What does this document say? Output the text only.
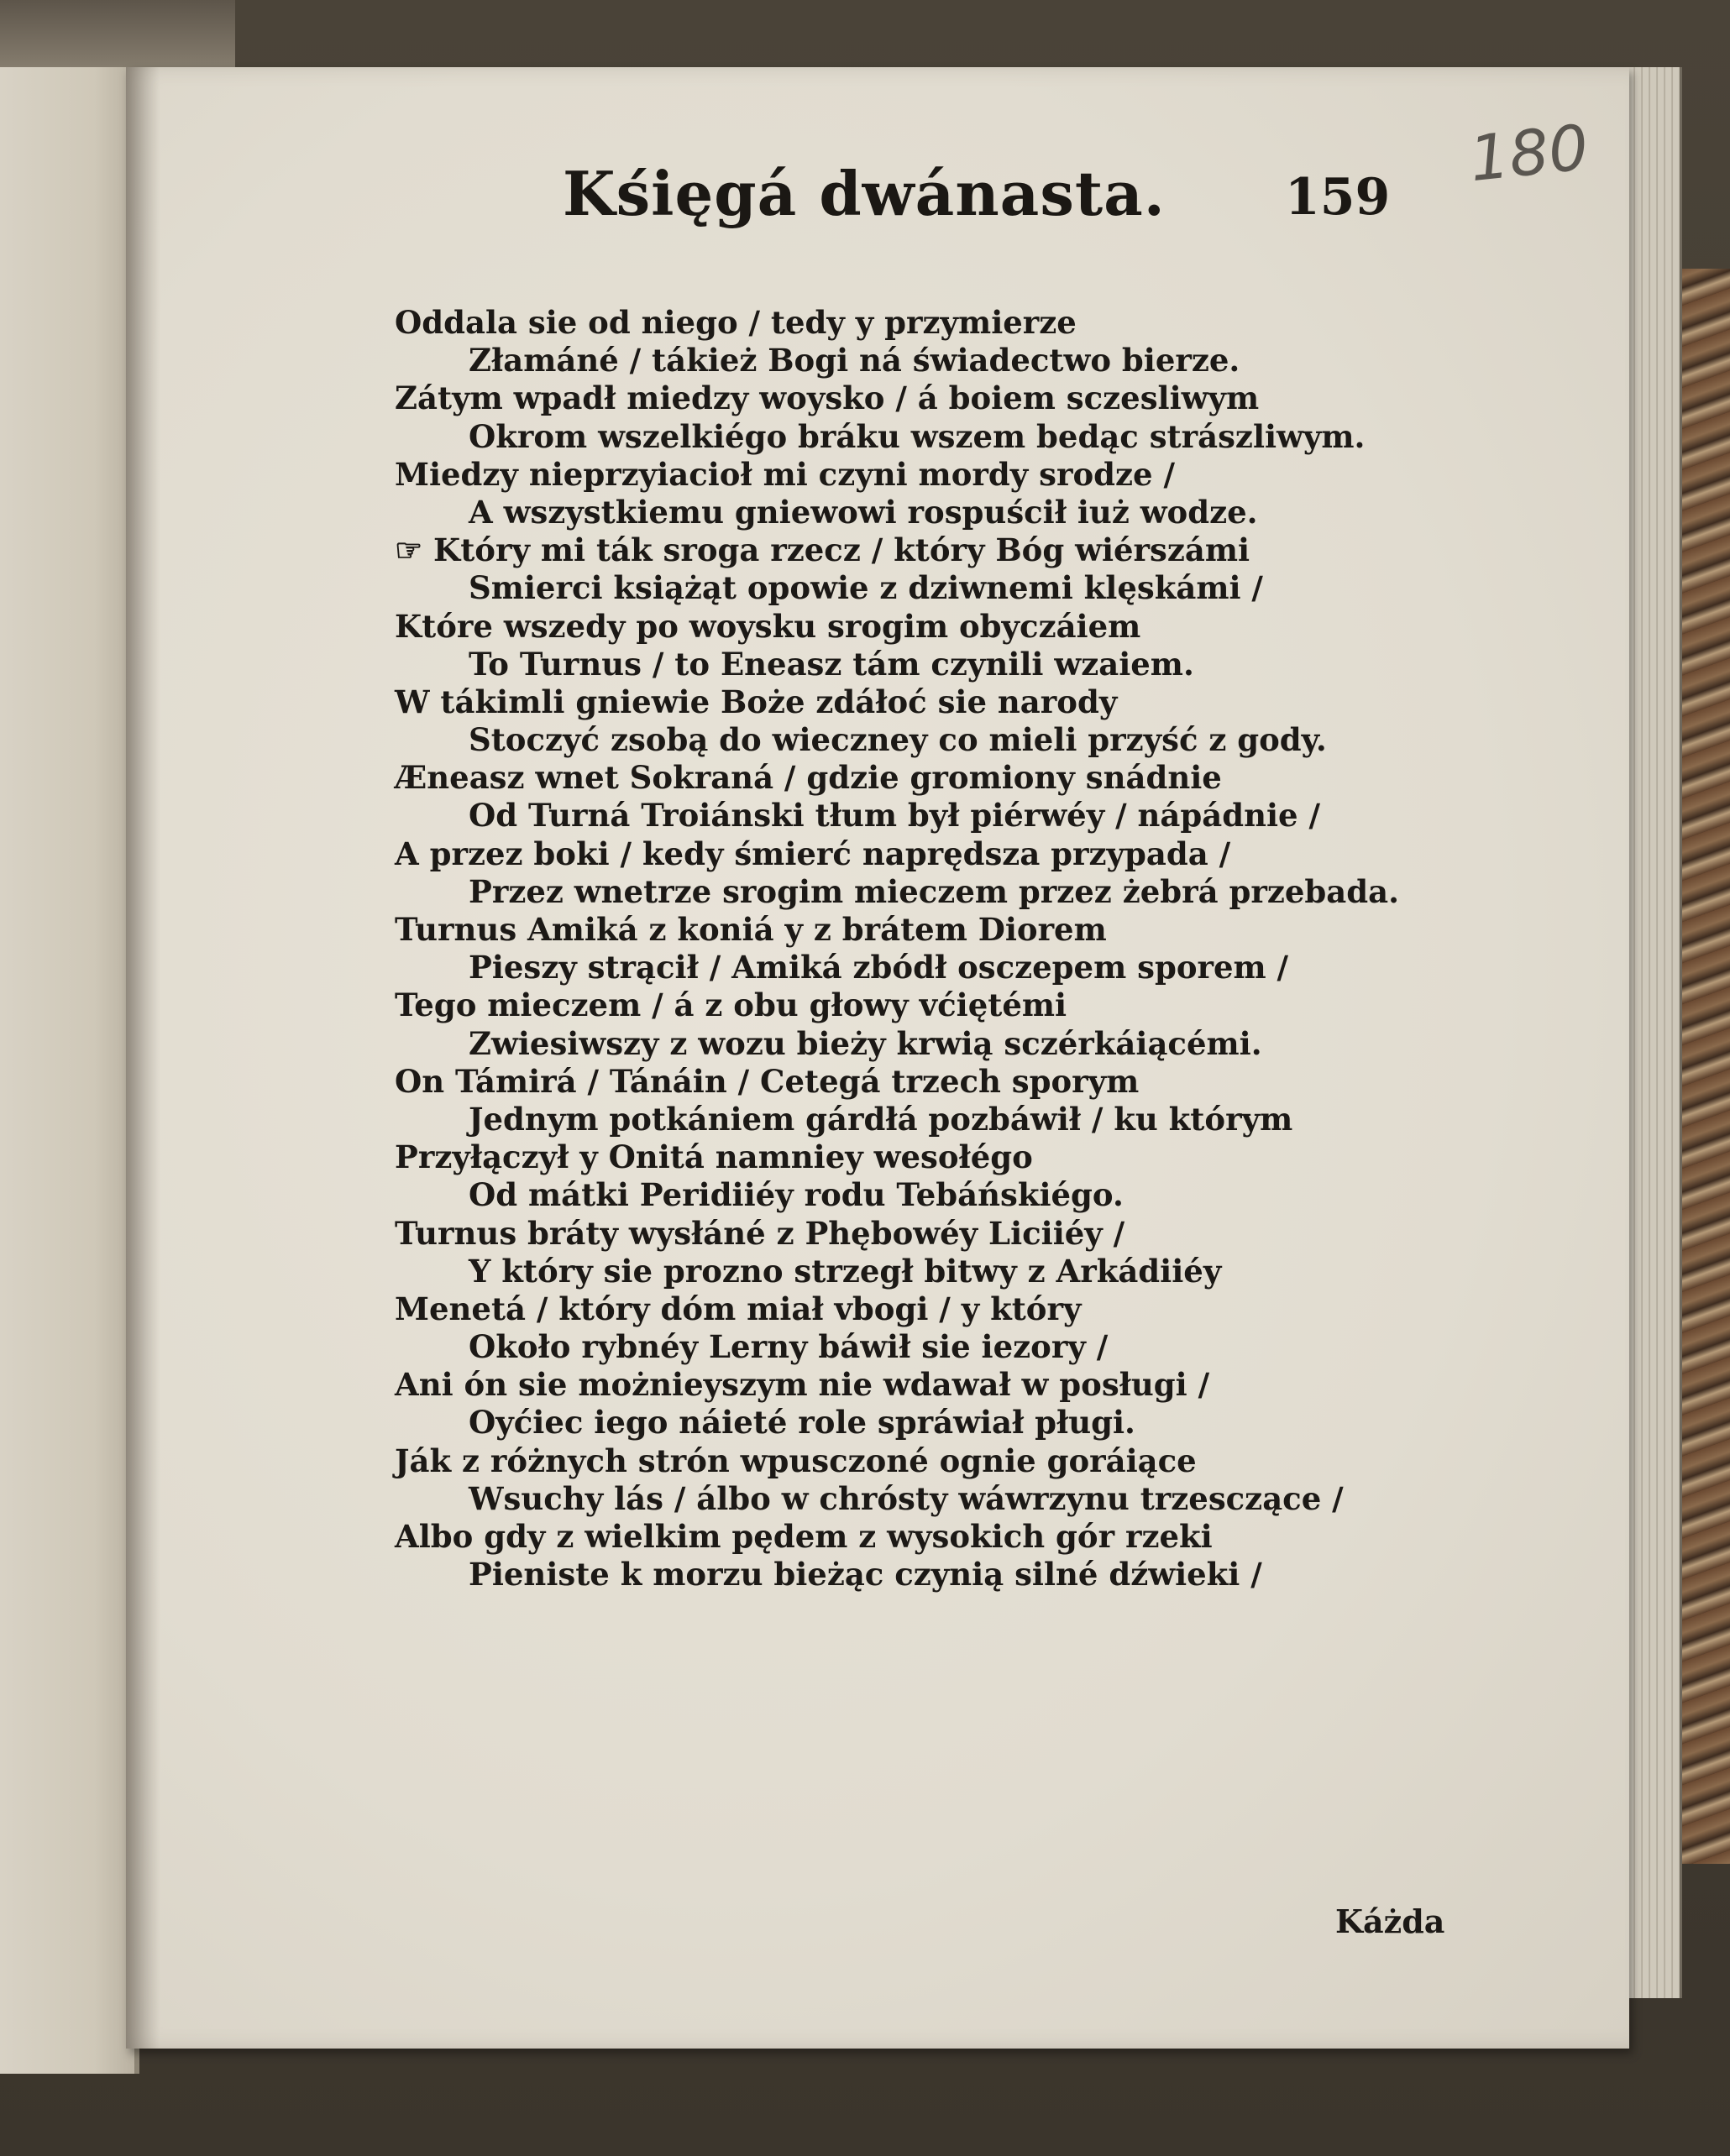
Kśięgá dwánasta. 159
180
Oddala sie od niego / tedy y przymierze
Złamáné / tákież Bogi ná świadectwo bierze.
Zátym wpadł miedzy woysko / á boiem sczesliwym
Okrom wszelkiégo bráku wszem bedąc strászliwym.
Miedzy nieprzyiacioł mi czyni mordy srodze /
A wszystkiemu gniewowi rospuścił iuż wodze.
☞ Który mi ták sroga rzecz / który Bóg wiérszámi
Smierci książąt opowie z dziwnemi klęskámi /
Które wszedy po woysku srogim obyczáiem
To Turnus / to Eneasz tám czynili wzaiem.
W tákimli gniewie Boże zdáłoć sie narody
Stoczyć zsobą do wieczney co mieli przyść z gody.
Æneasz wnet Sokraná / gdzie gromiony snádnie
Od Turná Troiánski tłum był piérwéy / nápádnie /
A przez boki / kedy śmierć naprędsza przypada /
Przez wnetrze srogim mieczem przez żebrá przebada.
Turnus Amiká z koniá y z brátem Diorem
Pieszy strącił / Amiká zbódł osczepem sporem /
Tego mieczem / á z obu głowy vćiętémi
Zwiesiwszy z wozu bieży krwią sczérkáiącémi.
On Támirá / Tánáin / Cetegá trzech sporym
Jednym potkániem gárdłá pozbáwił / ku którym
Przyłączył y Onitá namniey wesołégo
Od mátki Peridiiéy rodu Tebáńskiégo.
Turnus bráty wysłáné z Phębowéy Liciiéy /
Y który sie prozno strzegł bitwy z Arkádiiéy
Menetá / który dóm miał vbogi / y który
Około rybnéy Lerny báwił sie iezory /
Ani ón sie możnieyszym nie wdawał w posługi /
Oyćiec iego náieté role spráwiał pługi.
Ják z różnych strón wpusczoné ognie goráiące
Wsuchy lás / álbo w chrósty wáwrzynu trzesczące /
Albo gdy z wielkim pędem z wysokich gór rzeki
Pieniste k morzu bieżąc czynią silné dźwieki /
Káżda
